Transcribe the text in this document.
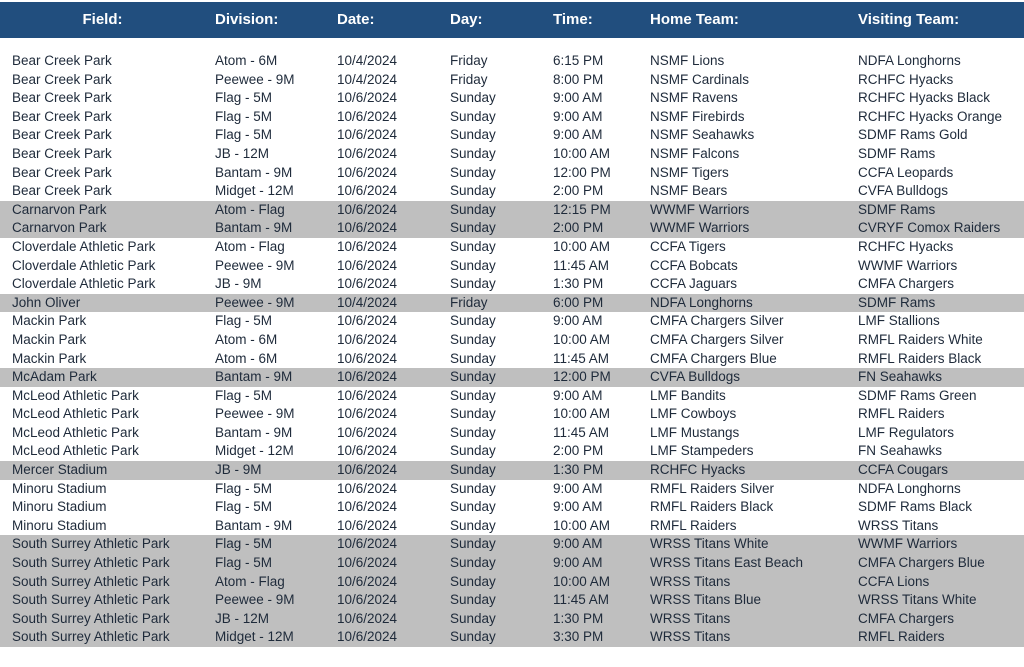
Field:	Division:	Date:	Day:	Time:	Home Team:	Visiting Team:
Bear Creek Park	Atom - 6M	10/4/2024	Friday	6:15 PM	NSMF Lions	NDFA Longhorns
Bear Creek Park	Peewee - 9M	10/4/2024	Friday	8:00 PM	NSMF Cardinals	RCHFC Hyacks
Bear Creek Park	Flag - 5M	10/6/2024	Sunday	9:00 AM	NSMF Ravens	RCHFC Hyacks Black
Bear Creek Park	Flag - 5M	10/6/2024	Sunday	9:00 AM	NSMF Firebirds	RCHFC Hyacks Orange
Bear Creek Park	Flag - 5M	10/6/2024	Sunday	9:00 AM	NSMF Seahawks	SDMF Rams Gold
Bear Creek Park	JB - 12M	10/6/2024	Sunday	10:00 AM	NSMF Falcons	SDMF Rams
Bear Creek Park	Bantam - 9M	10/6/2024	Sunday	12:00 PM	NSMF Tigers	CCFA Leopards
Bear Creek Park	Midget - 12M	10/6/2024	Sunday	2:00 PM	NSMF Bears	CVFA Bulldogs
Carnarvon Park	Atom - Flag	10/6/2024	Sunday	12:15 PM	WWMF Warriors	SDMF Rams
Carnarvon Park	Bantam - 9M	10/6/2024	Sunday	2:00 PM	WWMF Warriors	CVRYF Comox Raiders
Cloverdale Athletic Park	Atom - Flag	10/6/2024	Sunday	10:00 AM	CCFA Tigers	RCHFC Hyacks
Cloverdale Athletic Park	Peewee - 9M	10/6/2024	Sunday	11:45 AM	CCFA Bobcats	WWMF Warriors
Cloverdale Athletic Park	JB - 9M	10/6/2024	Sunday	1:30 PM	CCFA Jaguars	CMFA Chargers
John Oliver	Peewee - 9M	10/4/2024	Friday	6:00 PM	NDFA Longhorns	SDMF Rams
Mackin Park	Flag - 5M	10/6/2024	Sunday	9:00 AM	CMFA Chargers Silver	LMF Stallions
Mackin Park	Atom - 6M	10/6/2024	Sunday	10:00 AM	CMFA Chargers Silver	RMFL Raiders White
Mackin Park	Atom - 6M	10/6/2024	Sunday	11:45 AM	CMFA Chargers Blue	RMFL Raiders Black
McAdam Park	Bantam - 9M	10/6/2024	Sunday	12:00 PM	CVFA Bulldogs	FN Seahawks
McLeod Athletic Park	Flag - 5M	10/6/2024	Sunday	9:00 AM	LMF Bandits	SDMF Rams Green
McLeod Athletic Park	Peewee - 9M	10/6/2024	Sunday	10:00 AM	LMF Cowboys	RMFL Raiders
McLeod Athletic Park	Bantam - 9M	10/6/2024	Sunday	11:45 AM	LMF Mustangs	LMF Regulators
McLeod Athletic Park	Midget - 12M	10/6/2024	Sunday	2:00 PM	LMF Stampeders	FN Seahawks
Mercer Stadium	JB - 9M	10/6/2024	Sunday	1:30 PM	RCHFC Hyacks	CCFA Cougars
Minoru Stadium	Flag - 5M	10/6/2024	Sunday	9:00 AM	RMFL Raiders Silver	NDFA Longhorns
Minoru Stadium	Flag - 5M	10/6/2024	Sunday	9:00 AM	RMFL Raiders Black	SDMF Rams Black
Minoru Stadium	Bantam - 9M	10/6/2024	Sunday	10:00 AM	RMFL Raiders	WRSS Titans
South Surrey Athletic Park	Flag - 5M	10/6/2024	Sunday	9:00 AM	WRSS Titans White	WWMF Warriors
South Surrey Athletic Park	Flag - 5M	10/6/2024	Sunday	9:00 AM	WRSS Titans East Beach	CMFA Chargers Blue
South Surrey Athletic Park	Atom - Flag	10/6/2024	Sunday	10:00 AM	WRSS Titans	CCFA Lions
South Surrey Athletic Park	Peewee - 9M	10/6/2024	Sunday	11:45 AM	WRSS Titans Blue	WRSS Titans White
South Surrey Athletic Park	JB - 12M	10/6/2024	Sunday	1:30 PM	WRSS Titans	CMFA Chargers
South Surrey Athletic Park	Midget - 12M	10/6/2024	Sunday	3:30 PM	WRSS Titans	RMFL Raiders
